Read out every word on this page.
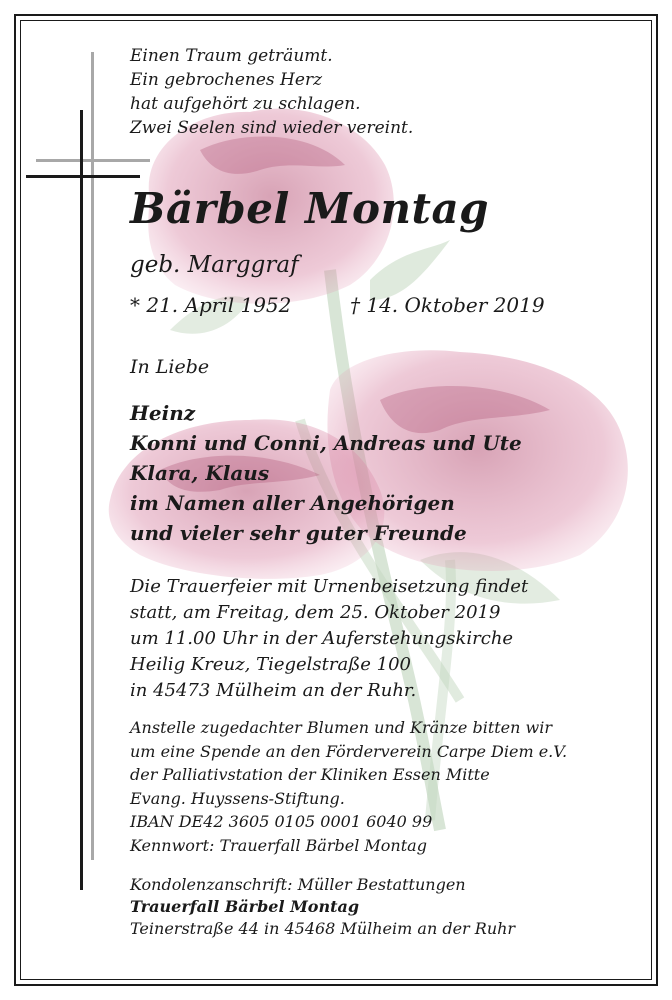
Einen Traum geträumt.
Ein gebrochenes Herz
hat aufgehört zu schlagen.
Zwei Seelen sind wieder vereint.
Bärbel Montag
geb. Marggraf
* 21. April 1952	† 14. Oktober 2019
In Liebe
Heinz
Konni und Conni, Andreas und Ute
Klara, Klaus
im Namen aller Angehörigen
und vieler sehr guter Freunde
Die Trauerfeier mit Urnenbeisetzung findet
statt, am Freitag, dem 25. Oktober 2019
um 11.00 Uhr in der Auferstehungskirche
Heilig Kreuz, Tiegelstraße 100
in 45473 Mülheim an der Ruhr.
Anstelle zugedachter Blumen und Kränze bitten wir
um eine Spende an den Förderverein Carpe Diem e.V.
der Palliativstation der Kliniken Essen Mitte
Evang. Huyssens-Stiftung.
IBAN DE42 3605 0105 0001 6040 99
Kennwort: Trauerfall Bärbel Montag
Kondolenzanschrift: Müller Bestattungen
Trauerfall Bärbel Montag
Teinerstraße 44 in 45468 Mülheim an der Ruhr
